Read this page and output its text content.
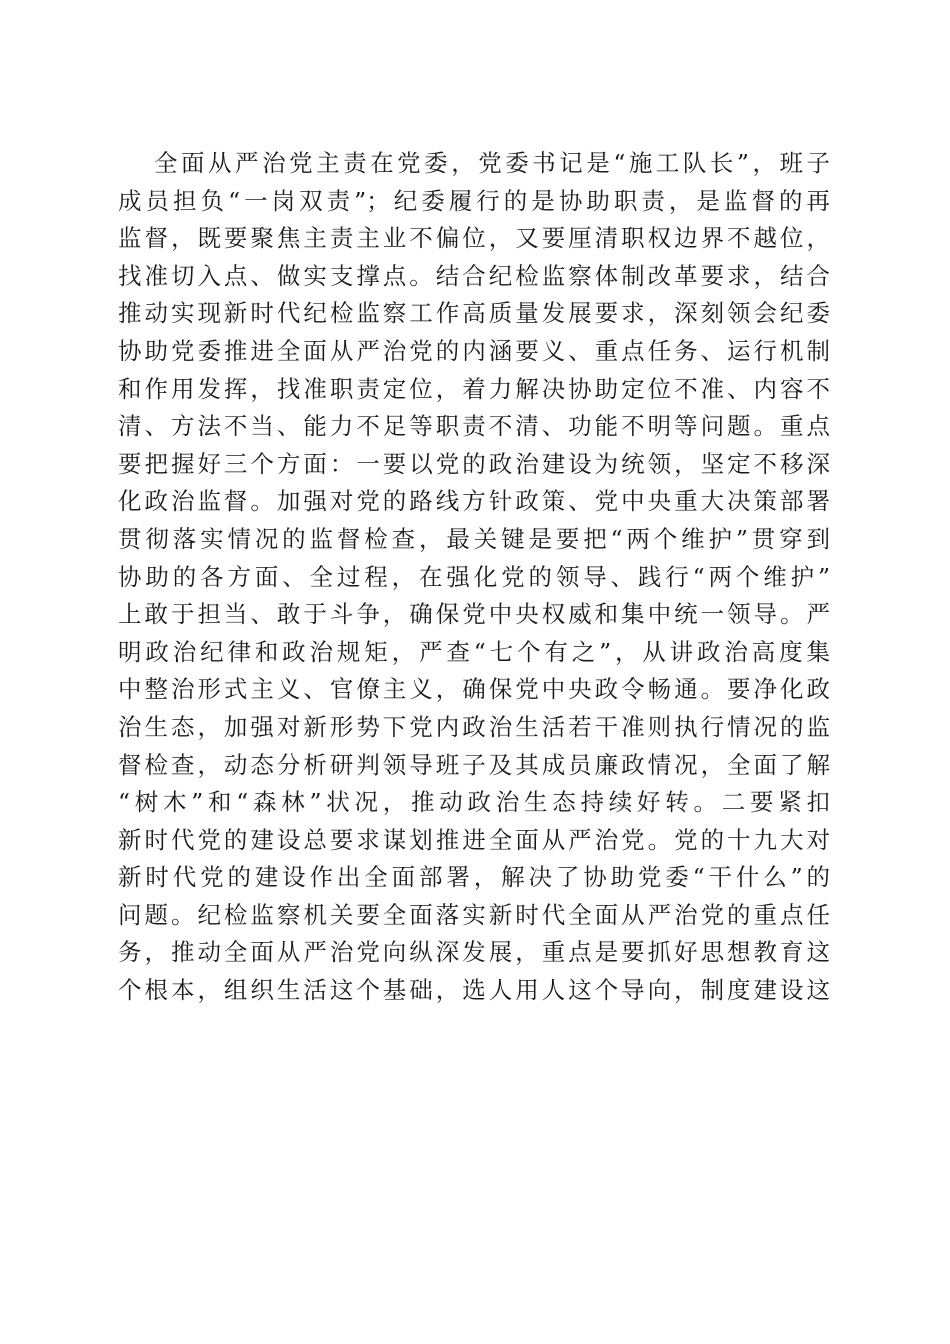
全面从严治党主责在党委，党委书记是“施工队长”，班子
成员担负“一岗双责”；纪委履行的是协助职责，是监督的再
监督，既要聚焦主责主业不偏位，又要厘清职权边界不越位，
找准切入点、做实支撑点。结合纪检监察体制改革要求，结合
推动实现新时代纪检监察工作高质量发展要求，深刻领会纪委
协助党委推进全面从严治党的内涵要义、重点任务、运行机制
和作用发挥，找准职责定位，着力解决协助定位不准、内容不
清、方法不当、能力不足等职责不清、功能不明等问题。重点
要把握好三个方面：一要以党的政治建设为统领，坚定不移深
化政治监督。加强对党的路线方针政策、党中央重大决策部署
贯彻落实情况的监督检查，最关键是要把“两个维护”贯穿到
协助的各方面、全过程，在强化党的领导、践行“两个维护”
上敢于担当、敢于斗争，确保党中央权威和集中统一领导。严
明政治纪律和政治规矩，严查“七个有之”，从讲政治高度集
中整治形式主义、官僚主义，确保党中央政令畅通。要净化政
治生态，加强对新形势下党内政治生活若干准则执行情况的监
督检查，动态分析研判领导班子及其成员廉政情况，全面了解
“树木”和“森林”状况，推动政治生态持续好转。二要紧扣
新时代党的建设总要求谋划推进全面从严治党。党的十九大对
新时代党的建设作出全面部署，解决了协助党委“干什么”的
问题。纪检监察机关要全面落实新时代全面从严治党的重点任
务，推动全面从严治党向纵深发展，重点是要抓好思想教育这
个根本，组织生活这个基础，选人用人这个导向，制度建设这
